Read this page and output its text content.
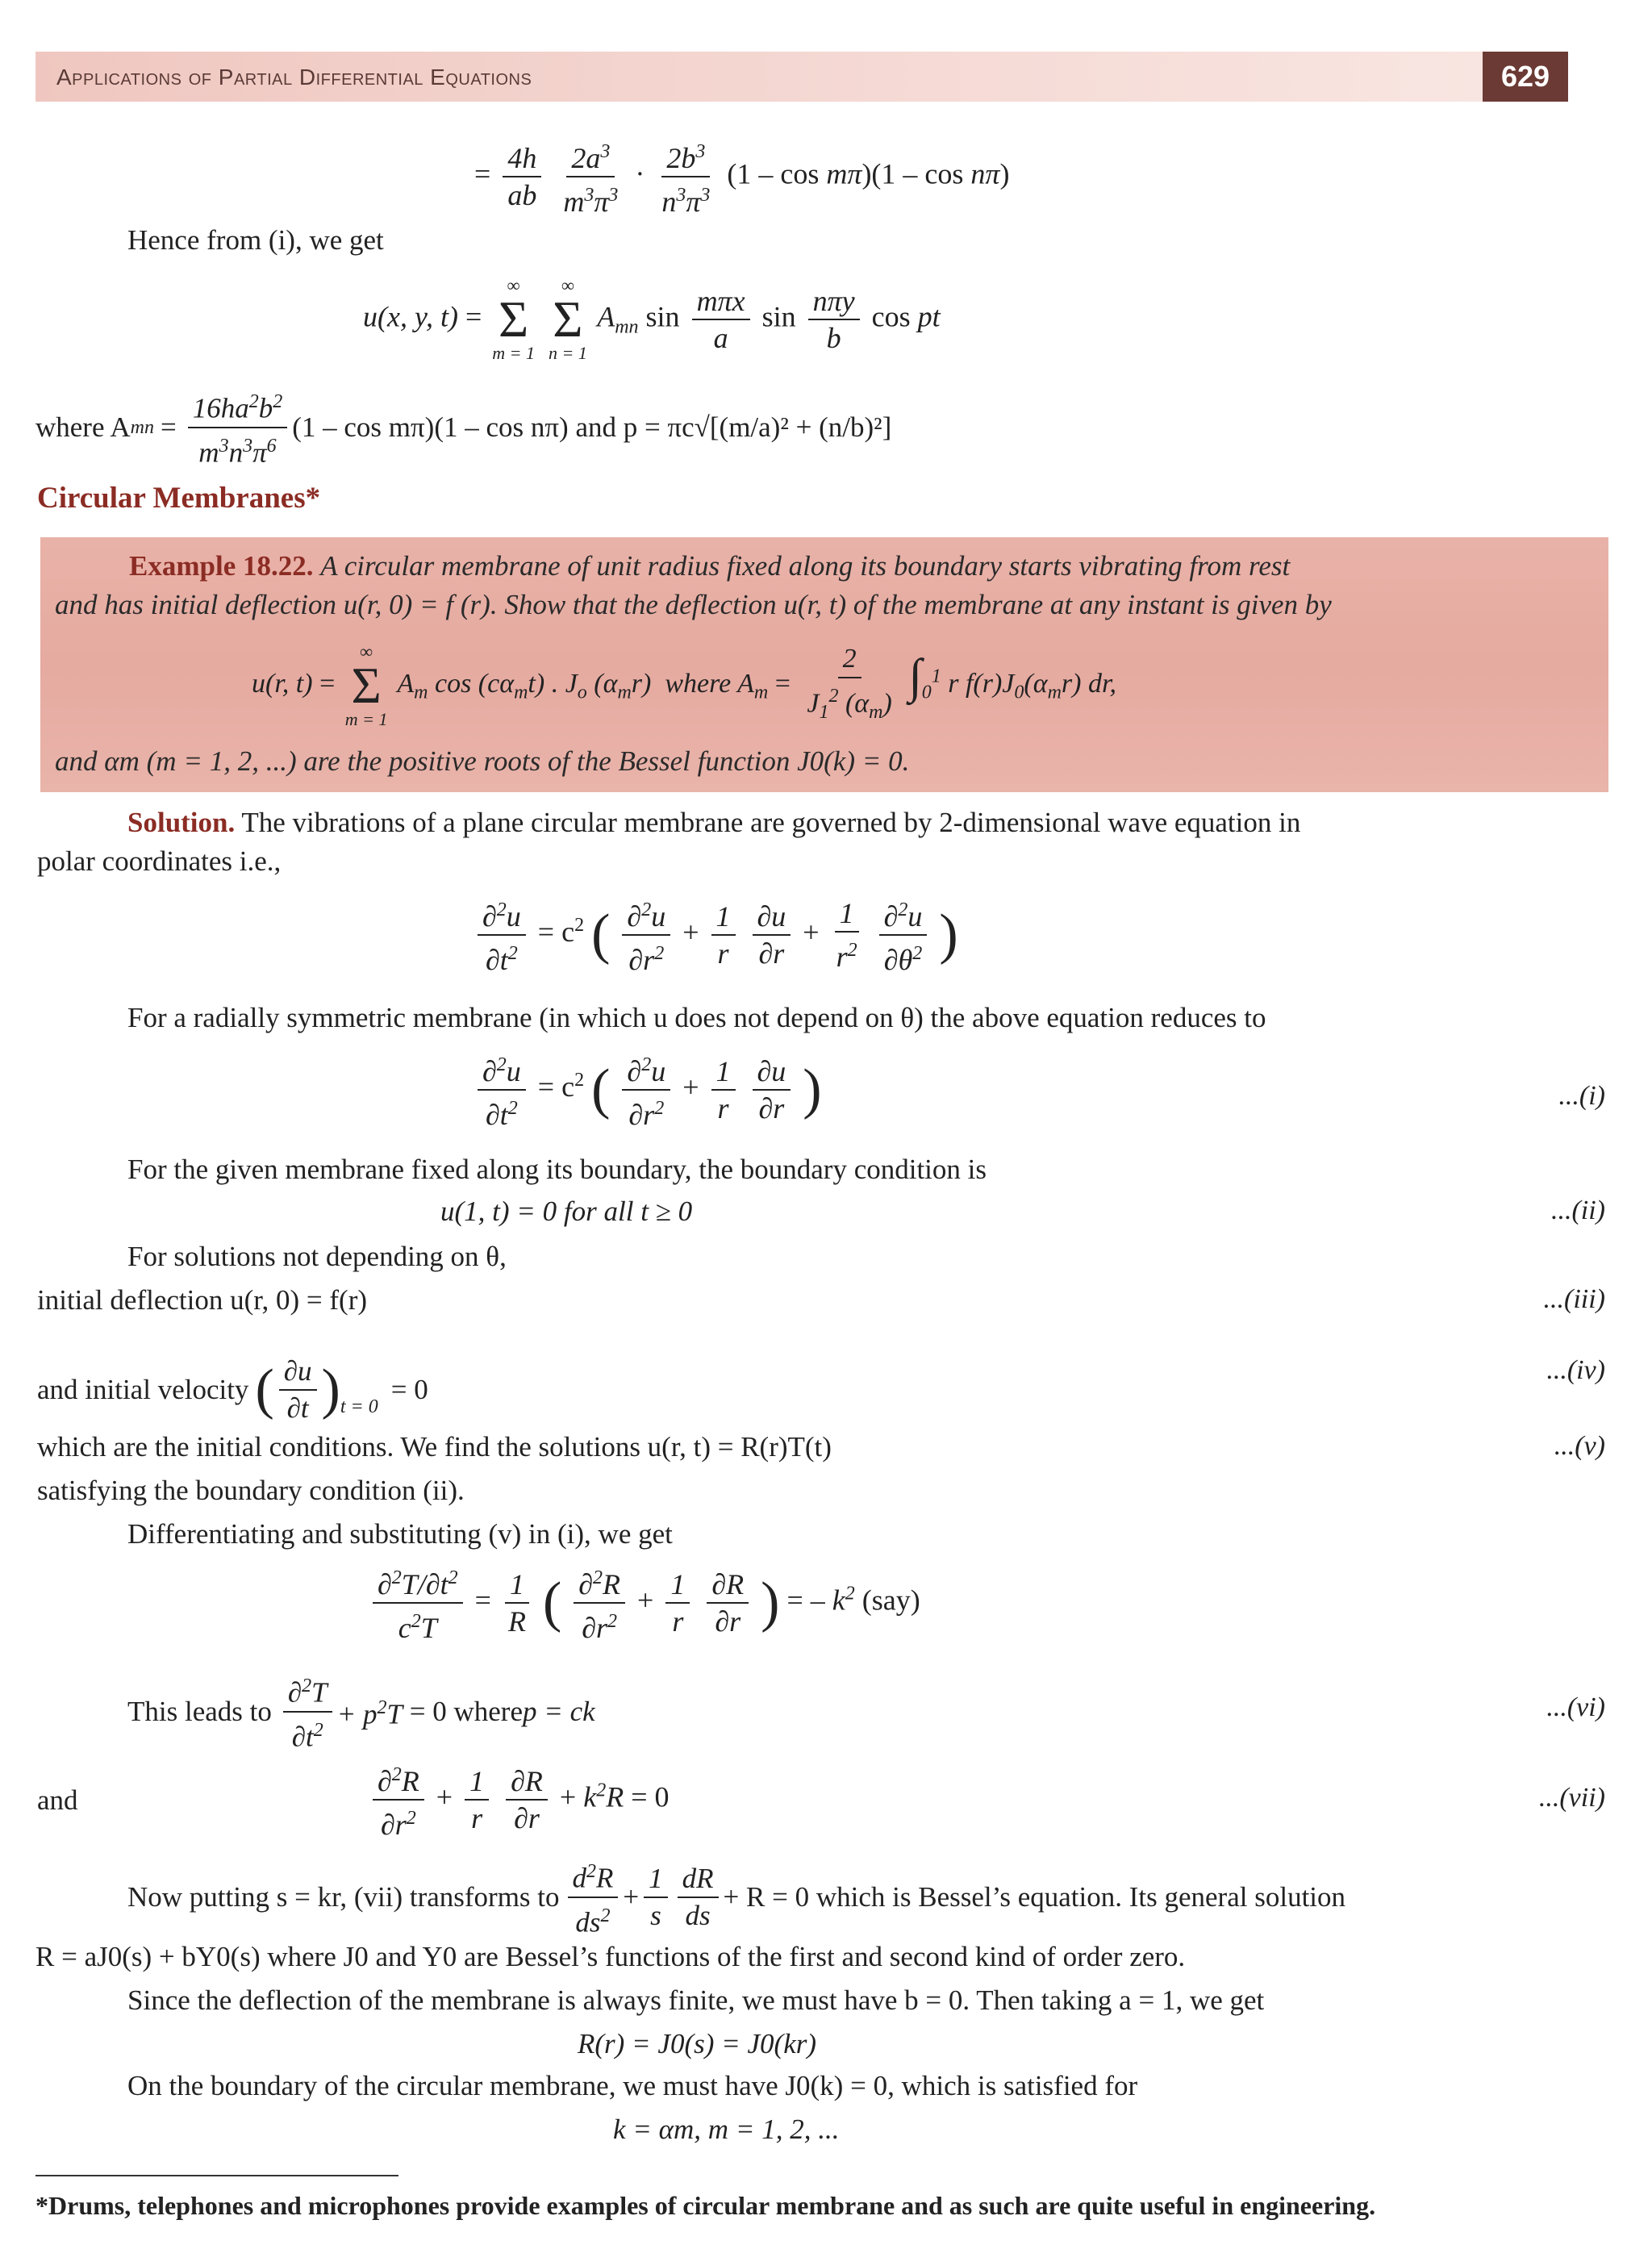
Applications of Partial Differential Equations	629
= $\frac{4h}{ab}$
$\frac{2a^3}{m^3\pi^3} \cdot \frac{2b^3}{n^3\pi^3} (1 - \cos m\pi)(1 - \cos n\pi)$
Hence from (i), we get
u(x, y, t) =
∞
Σ
m = 1

∞
Σ
n = 1
$A_{mn}$ $\sin \frac{\text{mπx}}{a}$ $\sin \frac{\text{nπy}}{b}$ cos pt
where A mn = $\frac{16ha^2b^2}{m^3n^3\pi^6} (1$ – cos mπ)(1 – cos nπ) and p = πc√[(m/a)² + (n/b)²]
Circular Membranes*
Example 18.22. A circular membrane of unit radius fixed along its boundary starts vibrating from rest
and has initial deflection u(r, 0) = f (r). Show that the deflection u(r, t) of the membrane at any instant is given by
u(r, t) =
∞
Σ
m = 1
$A_m$ $\cos (c\alpha_mt)$ . $J_o$ $(\alpha_mr)$  where $A_m = \frac{2}{J_1^2 (\alpha_m)} \int_0^1$ r $f(r)J_0(\alpha_mr)$ dr,
and αm (m = 1, 2, ...) are the positive roots of the Bessel function J0(k) = 0.
Solution. The vibrations of a plane circular membrane are governed by 2-dimensional wave equation in
polar coordinates i.e.,
$\frac{\partial^2u}{\partial t^2} = c^2$ ( $\frac{\partial^2u}{\partial r^2} + \frac{1}{r}$
$\frac{\partial u}{\partial r} + \frac{1}{r^2}$
$\frac{\partial^2u}{\partial\theta^2}$ )
For a radially symmetric membrane (in which u does not depend on θ) the above equation reduces to
$\frac{\partial^2u}{\partial t^2} = c^2$ ( $\frac{\partial^2u}{\partial r^2} + \frac{1}{r}$
$\frac{\partial u}{\partial r}$ )	...(i)
For the given membrane fixed along its boundary, the boundary condition is
u(1, t) = 0 for all t ≥ 0	...(ii)
For solutions not depending on θ,
initial deflection u(r, 0) = f(r)	...(iii)
and initial velocity ( $\frac{\partial u}{\partial t} )_{t = 0}$
= 0
...(iv)
which are the initial conditions. We find the solutions u(r, t) = R(r)T(t)	...(v)
satisfying the boundary condition (ii).
Differentiating and substituting (v) in (i), we get
$\frac{\partial^2T/\partial t^2}{c^2T} = \frac{1}{R}$ ( $\frac{\partial^2R}{\partial r^2} + \frac{1}{r}$
$\frac{\partial R}{\partial r}$ ) = – $k^2$ (say)
This leads to $\frac{\partial^2T}{\partial t^2} + p^2T = 0$ where p = ck	...(vi)
and	$\frac{\partial^2R}{\partial r^2} + \frac{1}{r}$
$\frac{\partial R}{\partial r} + k^2R = 0$	...(vii)
Now putting s = kr, (vii) transforms to $\frac{d^2R}{ds^2} + \frac{1}{s} \frac{dR}{ds} + R = 0$ which is Bessel’s equation. Its general solution
R = aJ0(s) + bY0(s) where J0 and Y0 are Bessel’s functions of the first and second kind of order zero.
Since the deflection of the membrane is always finite, we must have b = 0. Then taking a = 1, we get
R(r) = J0(s) = J0(kr)
On the boundary of the circular membrane, we must have J0(k) = 0, which is satisfied for
k = αm, m = 1, 2, ...
*Drums, telephones and microphones provide examples of circular membrane and as such are quite useful in engineering.
